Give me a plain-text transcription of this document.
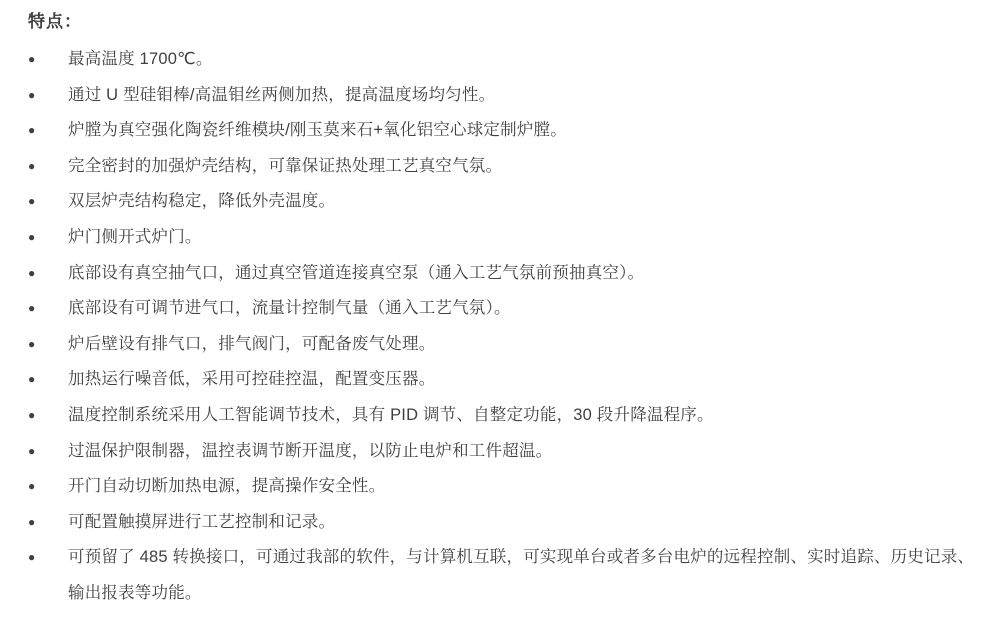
特点：
●	最高温度 1700℃。
●	通过 U 型硅钼棒/高温钼丝两侧加热，提高温度场均匀性。
●	炉膛为真空强化陶瓷纤维模块/刚玉莫来石+氧化铝空心球定制炉膛。
●	完全密封的加强炉壳结构，可靠保证热处理工艺真空气氛。
●	双层炉壳结构稳定，降低外壳温度。
●	炉门侧开式炉门。
●	底部设有真空抽气口，通过真空管道连接真空泵（通入工艺气氛前预抽真空）。
●	底部设有可调节进气口，流量计控制气量（通入工艺气氛）。
●	炉后壁设有排气口，排气阀门，可配备废气处理。
●	加热运行噪音低，采用可控硅控温，配置变压器。
●	温度控制系统采用人工智能调节技术，具有 PID 调节、自整定功能，30 段升降温程序。
●	过温保护限制器，温控表调节断开温度，以防止电炉和工件超温。
●	开门自动切断加热电源，提高操作安全性。
●	可配置触摸屏进行工艺控制和记录。
●	可预留了 485 转换接口，可通过我部的软件，与计算机互联，可实现单台或者多台电炉的远程控制、实时追踪、历史记录、输出报表等功能。
